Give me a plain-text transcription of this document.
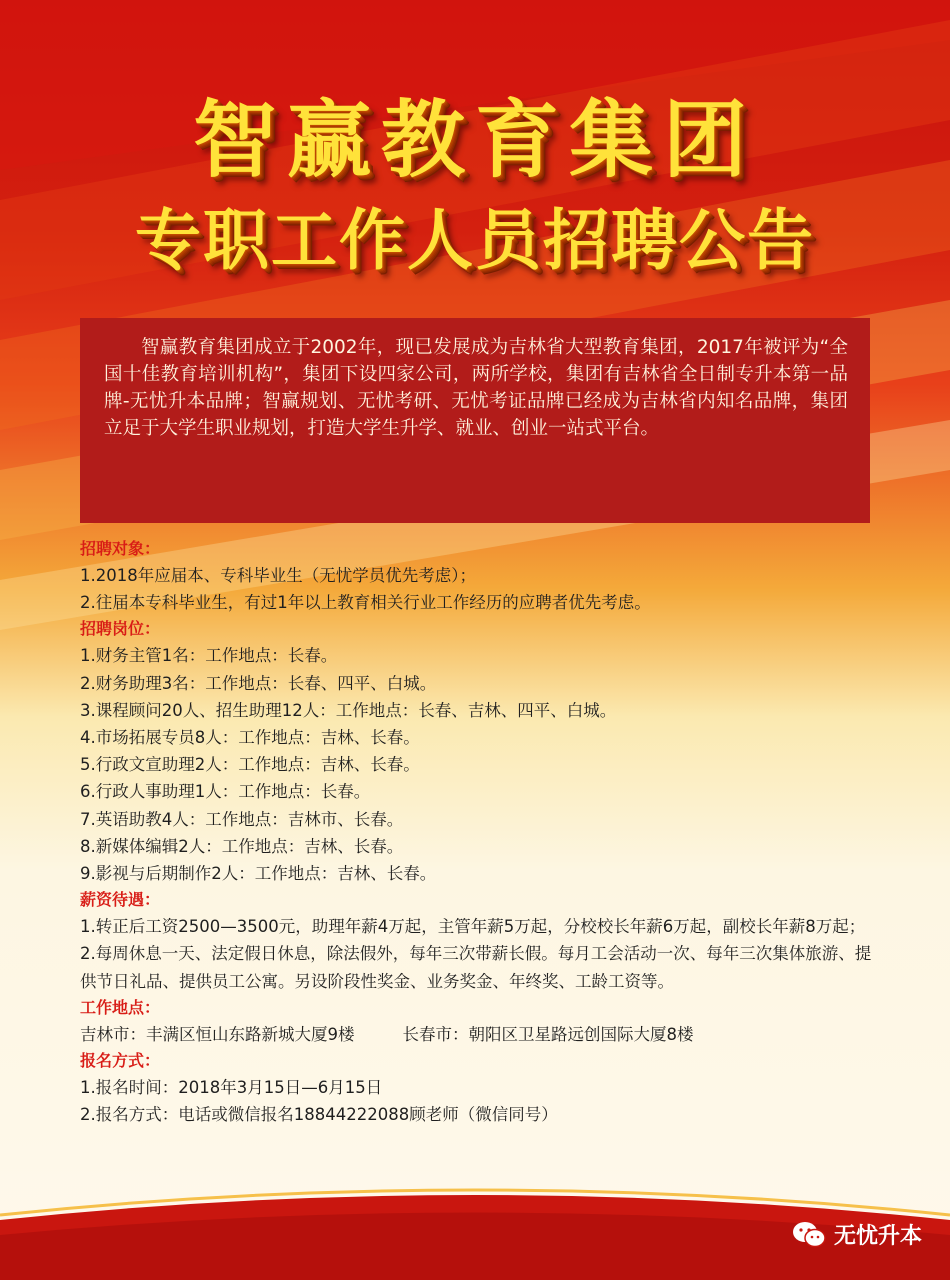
智赢教育集团
专职工作人员招聘公告

智赢教育集团成立于2002年，现已发展成为吉林省大型教育集团，2017年被评为“全国十佳教育培训机构”，集团下设四家公司，两所学校，集团有吉林省全日制专升本第一品牌-无忧升本品牌；智赢规划、无忧考研、无忧考证品牌已经成为吉林省内知名品牌，集团立足于大学生职业规划，打造大学生升学、就业、创业一站式平台。

招聘对象：
1.2018年应届本、专科毕业生（无忧学员优先考虑）；
2.往届本专科毕业生，有过1年以上教育相关行业工作经历的应聘者优先考虑。
招聘岗位：
1.财务主管1名：工作地点：长春。
2.财务助理3名：工作地点：长春、四平、白城。
3.课程顾问20人、招生助理12人：工作地点：长春、吉林、四平、白城。
4.市场拓展专员8人：工作地点：吉林、长春。
5.行政文宣助理2人：工作地点：吉林、长春。
6.行政人事助理1人：工作地点：长春。
7.英语助教4人：工作地点：吉林市、长春。
8.新媒体编辑2人：工作地点：吉林、长春。
9.影视与后期制作2人：工作地点：吉林、长春。
薪资待遇：
1.转正后工资2500—3500元，助理年薪4万起，主管年薪5万起，分校校长年薪6万起，副校长年薪8万起；
2.每周休息一天、法定假日休息，除法假外，每年三次带薪长假。每月工会活动一次、每年三次集体旅游、提供节日礼品、提供员工公寓。另设阶段性奖金、业务奖金、年终奖、工龄工资等。
工作地点：
吉林市：丰满区恒山东路新城大厦9楼	长春市：朝阳区卫星路远创国际大厦8楼
报名方式：
1.报名时间：2018年3月15日—6月15日
2.报名方式：电话或微信报名18844222088顾老师（微信同号）
无忧升本
